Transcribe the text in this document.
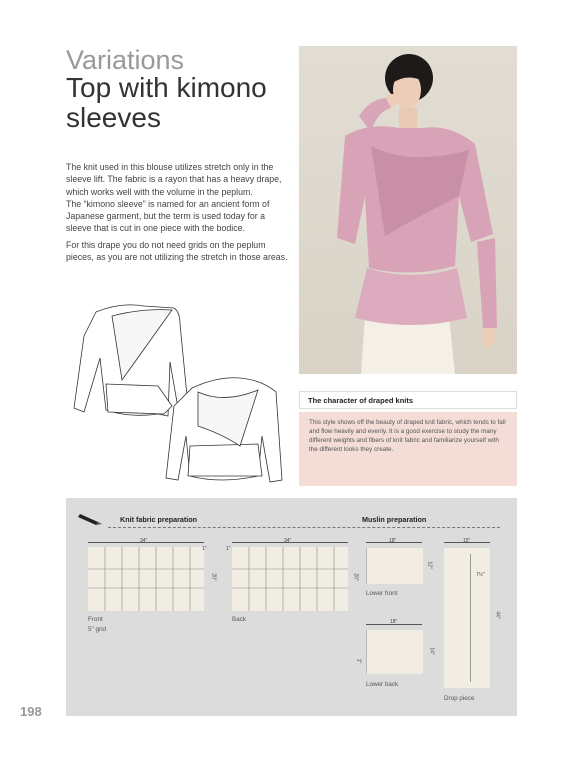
Variations
Top with kimono sleeves

The knit used in this blouse utilizes stretch only in the sleeve lift. The fabric is a rayon that has a heavy drape, which works well with the volume in the peplum.

The “kimono sleeve” is named for an ancient form of Japanese garment, but the term is used today for a sleeve that is cut in one piece with the bodice.

For this drape you do not need grids on the peplum pieces, as you are not utilizing the stretch in those areas.

The character of draped knits
This style shows off the beauty of draped knit fabric, which tends to fall and flow heavily and evenly. It is a good exercise to study the many different weights and fibers of knit fabric and familiarize yourself with the different looks they create.
Knit fabric preparation	Muslin preparation
34"
1"
20"
Front
5" grid
34"
1"
20"
Back
18"
12"
Lower front
18"
14"
1"
Lower back
15"
7½"
44"
Drop piece
198
